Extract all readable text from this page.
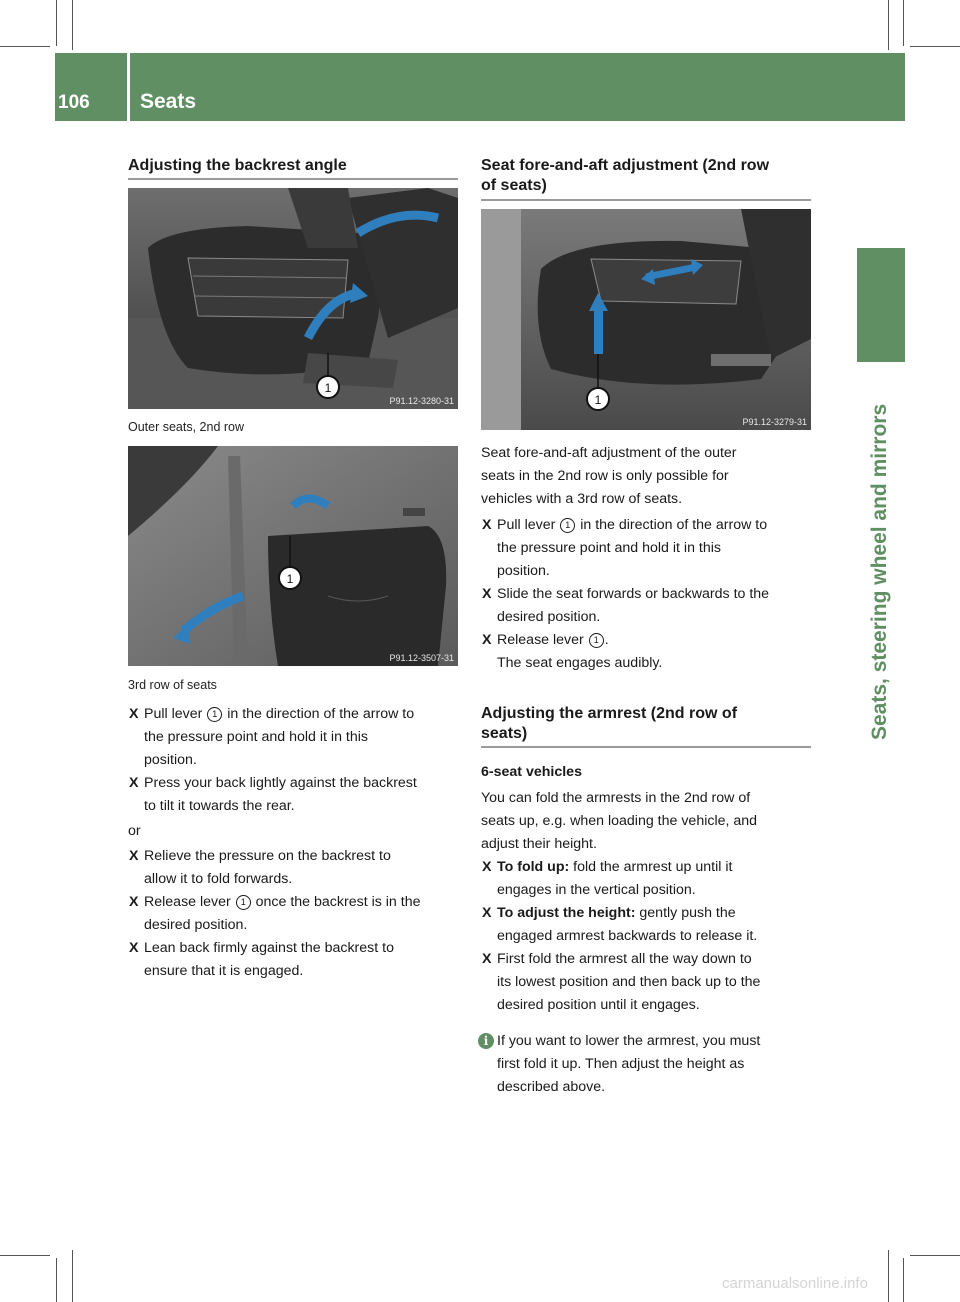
106 Seats
Seats, steering wheel and mirrors
Adjusting the backrest angle
1
P91.12-3280-31
Outer seats, 2nd row
1
P91.12-3507-31
3rd row of seats
X Pull lever 1 in the direction of the arrow to
the pressure point and hold it in this
position.
X Press your back lightly against the backrest
to tilt it towards the rear.
or
X Relieve the pressure on the backrest to
allow it to fold forwards.
X Release lever 1 once the backrest is in the
desired position.
X Lean back firmly against the backrest to
ensure that it is engaged.
Seat fore-and-aft adjustment (2nd row
of seats)
1
P91.12-3279-31
Seat fore-and-aft adjustment of the outer
seats in the 2nd row is only possible for
vehicles with a 3rd row of seats.
X Pull lever 1 in the direction of the arrow to
the pressure point and hold it in this
position.
X Slide the seat forwards or backwards to the
desired position.
X Release lever 1 .
The seat engages audibly.
Adjusting the armrest (2nd row of
seats)
6-seat vehicles
You can fold the armrests in the 2nd row of
seats up, e.g. when loading the vehicle, and
adjust their height.
X To fold up: fold the armrest up until it
engages in the vertical position.
X To adjust the height: gently push the
engaged armrest backwards to release it.
X First fold the armrest all the way down to
its lowest position and then back up to the
desired position until it engages.
i If you want to lower the armrest, you must
first fold it up. Then adjust the height as
described above.
carmanualsonline.info
